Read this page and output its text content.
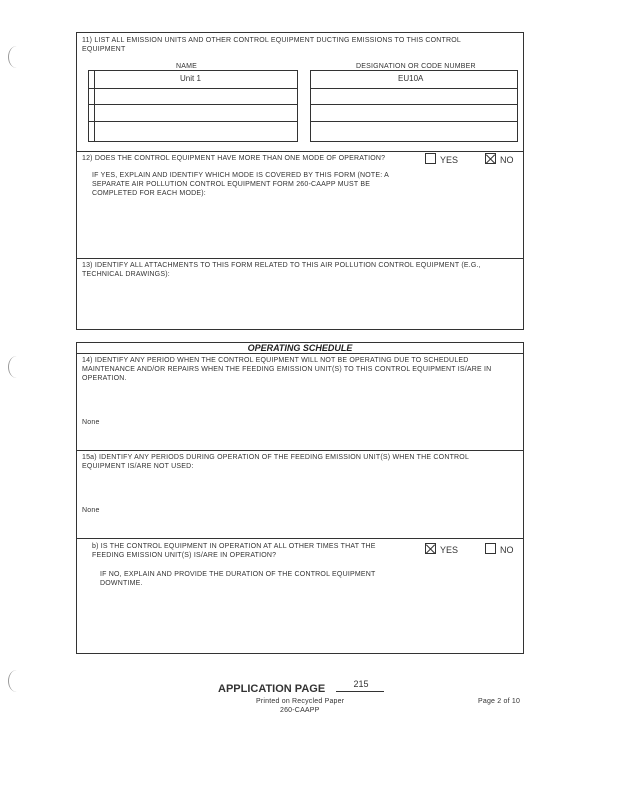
11) LIST ALL EMISSION UNITS AND OTHER CONTROL EQUIPMENT DUCTING EMISSIONS TO THIS CONTROL EQUIPMENT
NAME	DESIGNATION OR CODE NUMBER
Unit 1	EU10A
12) DOES THE CONTROL EQUIPMENT HAVE MORE THAN ONE MODE OF OPERATION?	YES	NO
IF YES, EXPLAIN AND IDENTIFY WHICH MODE IS COVERED BY THIS FORM (NOTE: A SEPARATE AIR POLLUTION CONTROL EQUIPMENT FORM 260-CAAPP MUST BE COMPLETED FOR EACH MODE):
13) IDENTIFY ALL ATTACHMENTS TO THIS FORM RELATED TO THIS AIR POLLUTION CONTROL EQUIPMENT (E.G., TECHNICAL DRAWINGS):
OPERATING SCHEDULE
14) IDENTIFY ANY PERIOD WHEN THE CONTROL EQUIPMENT WILL NOT BE OPERATING DUE TO SCHEDULED MAINTENANCE AND/OR REPAIRS WHEN THE FEEDING EMISSION UNIT(S) TO THIS CONTROL EQUIPMENT IS/ARE IN OPERATION.
None
15a) IDENTIFY ANY PERIODS DURING OPERATION OF THE FEEDING EMISSION UNIT(S) WHEN THE CONTROL EQUIPMENT IS/ARE NOT USED:
None
b) IS THE CONTROL EQUIPMENT IN OPERATION AT ALL OTHER TIMES THAT THE FEEDING EMISSION UNIT(S) IS/ARE IN OPERATION?
YES	NO
IF NO, EXPLAIN AND PROVIDE THE DURATION OF THE CONTROL EQUIPMENT DOWNTIME.
APPLICATION PAGE	215
Printed on Recycled Paper	Page 2 of 10
260-CAAPP
